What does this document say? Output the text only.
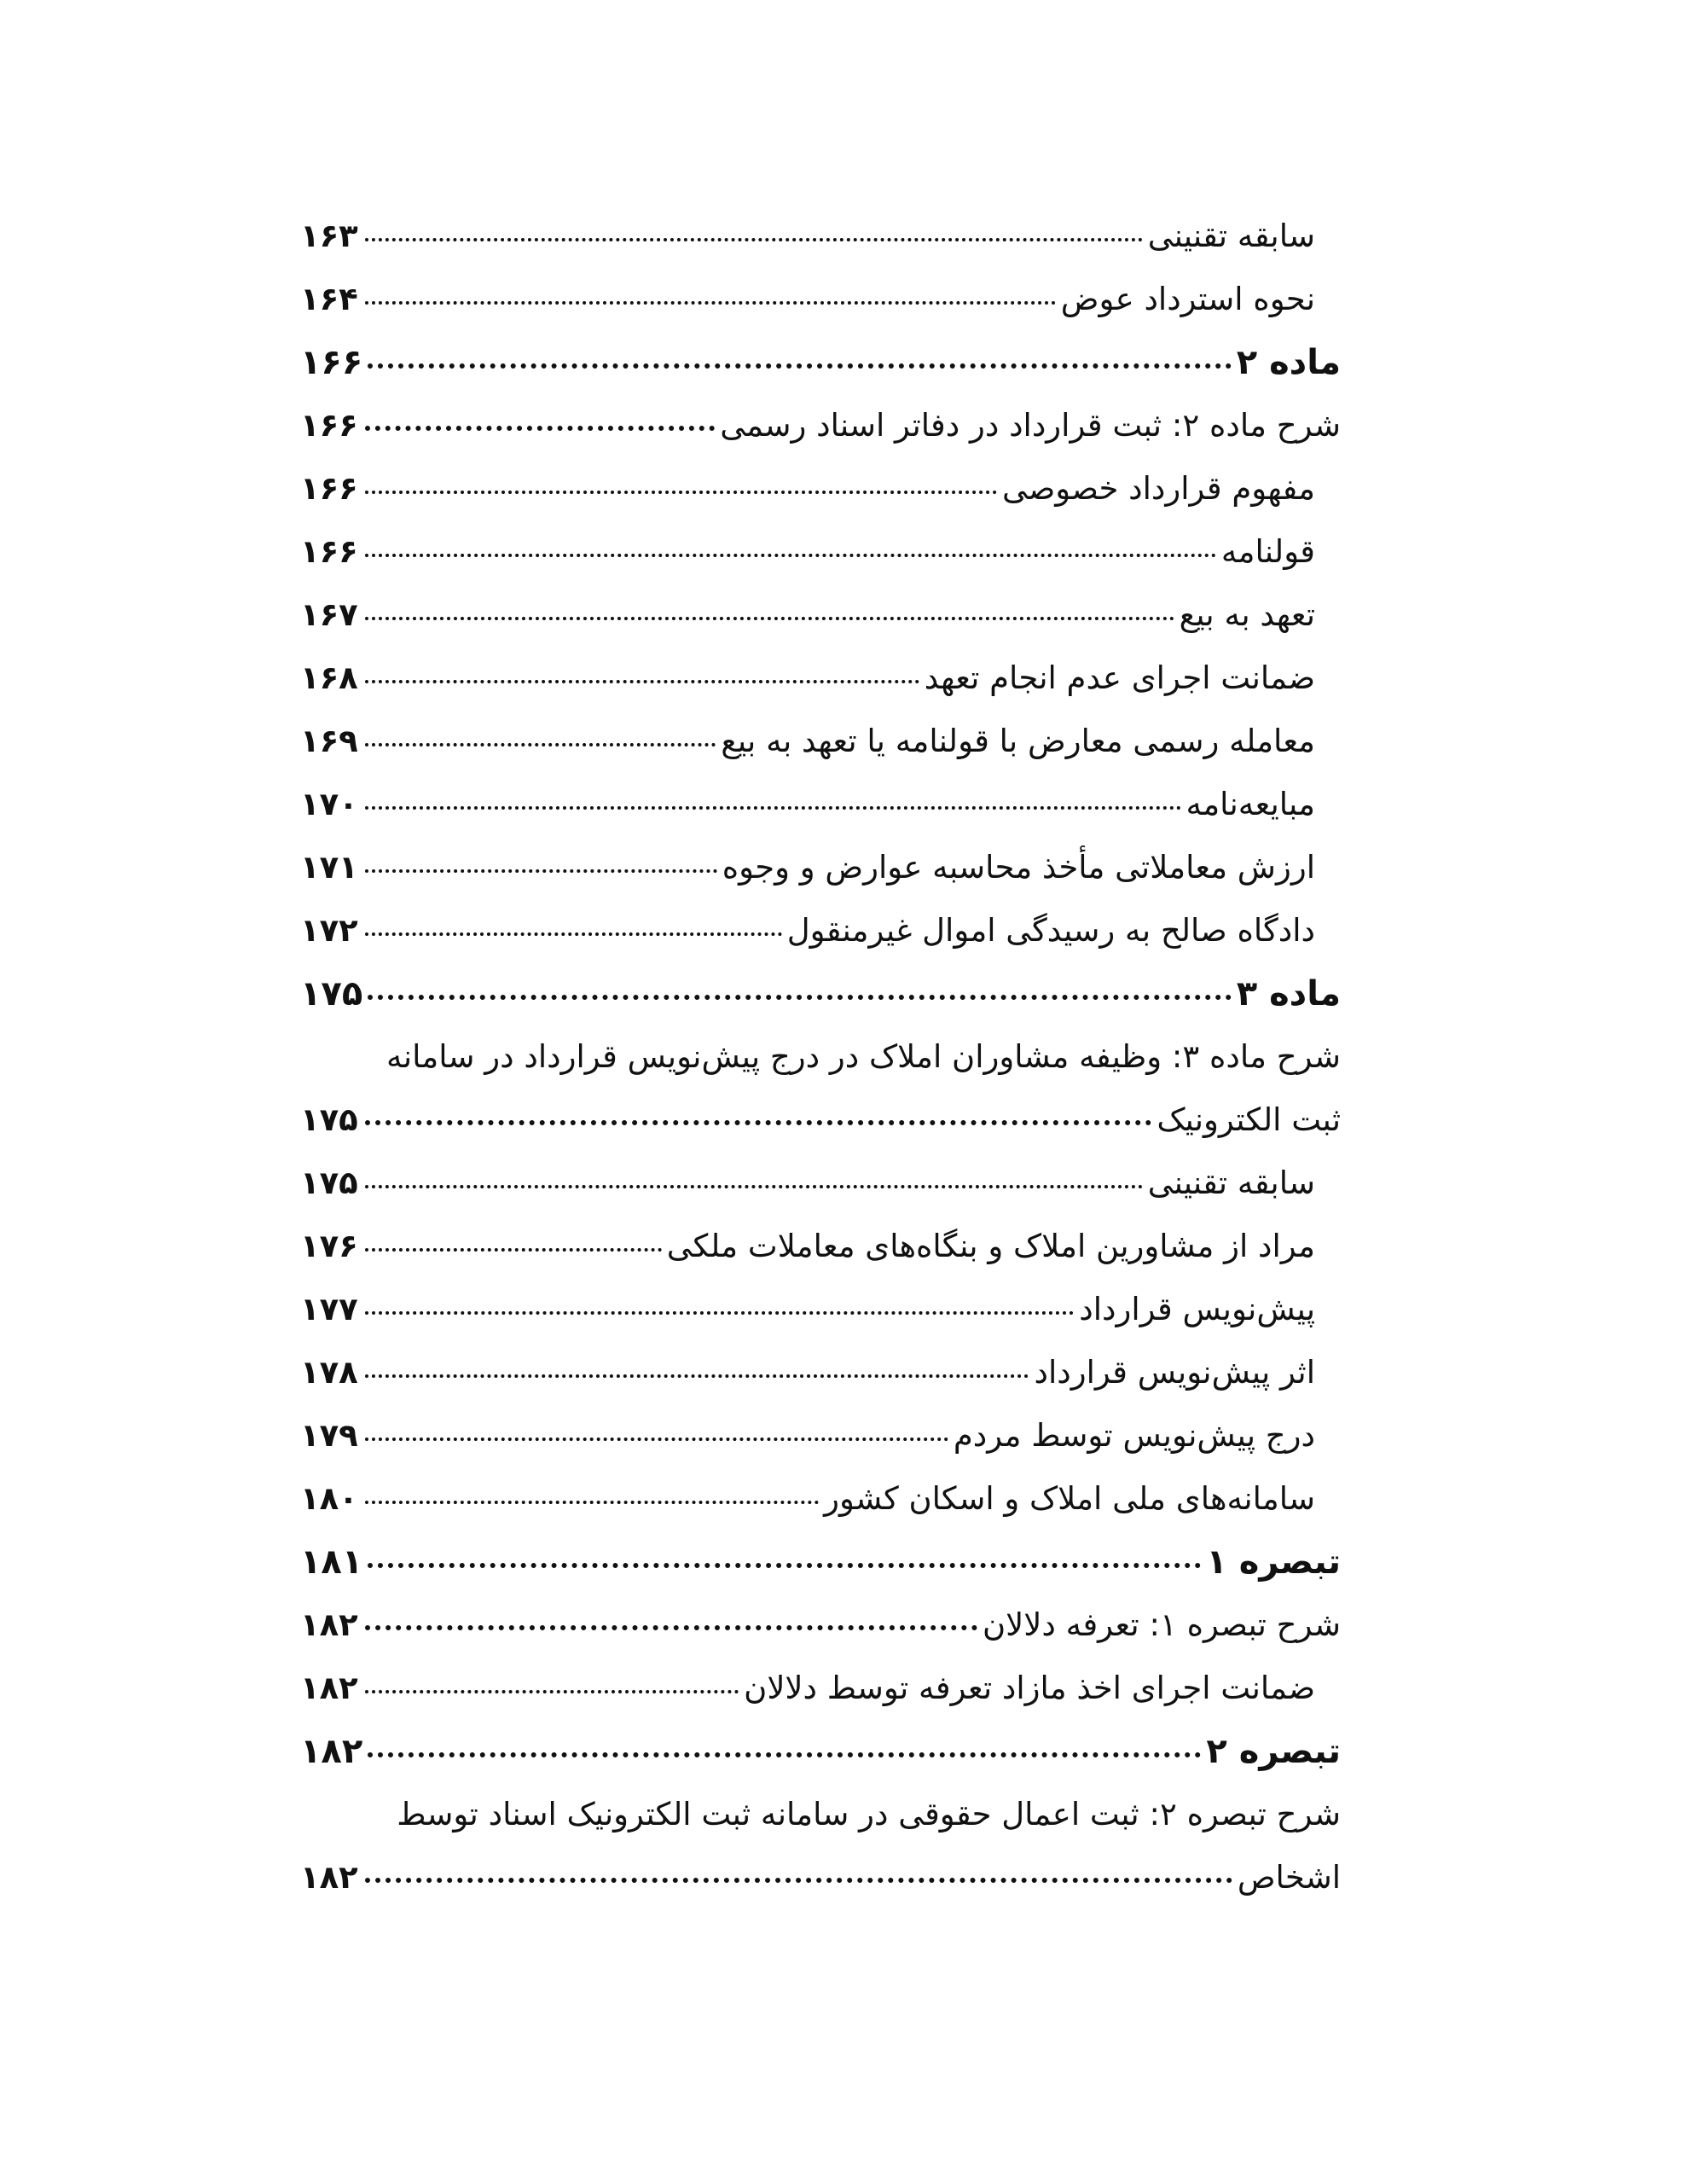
سابقه تقنینی
۱۶۳
نحوه استرداد عوض
۱۶۴
ماده ۲
۱۶۶
شرح ماده ۲: ثبت قرارداد در دفاتر اسناد رسمی
۱۶۶
مفهوم قرارداد خصوصی
۱۶۶
قولنامه
۱۶۶
تعهد به بیع
۱۶۷
ضمانت اجرای عدم انجام تعهد
۱۶۸
معامله رسمی معارض با قولنامه یا تعهد به بیع
۱۶۹
مبایعه‌نامه
۱۷۰
ارزش معاملاتی مأخذ محاسبه عوارض و وجوه
۱۷۱
دادگاه صالح به رسیدگی اموال غیرمنقول
۱۷۲
ماده ۳
۱۷۵
شرح ماده ۳: وظیفه مشاوران املاک در درج پیش‌نویس قرارداد در سامانه
ثبت الکترونیک
۱۷۵
سابقه تقنینی
۱۷۵
مراد از مشاورین املاک و بنگاه‌های معاملات ملکی
۱۷۶
پیش‌نویس قرارداد
۱۷۷
اثر پیش‌نویس قرارداد
۱۷۸
درج پیش‌نویس توسط مردم
۱۷۹
سامانه‌های ملی املاک و اسکان کشور
۱۸۰
تبصره ۱
۱۸۱
شرح تبصره ۱: تعرفه دلالان
۱۸۲
ضمانت اجرای اخذ مازاد تعرفه توسط دلالان
۱۸۲
تبصره ۲
۱۸۲
شرح تبصره ۲: ثبت اعمال حقوقی در سامانه ثبت الکترونیک اسناد توسط
اشخاص
۱۸۲
